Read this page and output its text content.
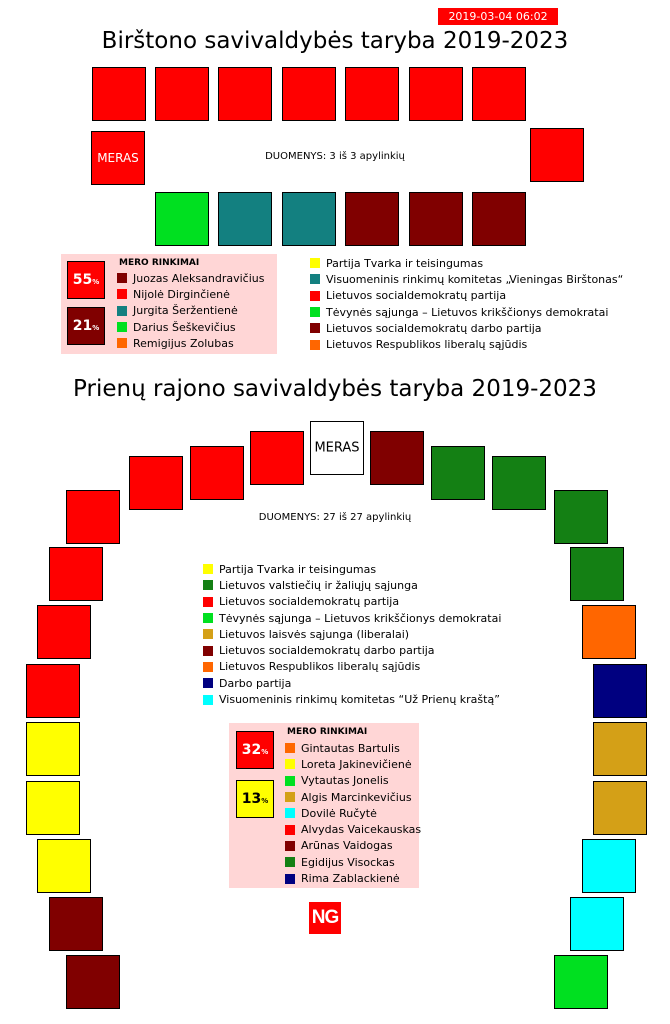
2019-03-04 06:02
Birštono savivaldybės taryba 2019-2023
MERAS	DUOMENYS: 3 iš 3 apylinkių
MERO RINKIMAI
55%
21%
Juozas Aleksandravičius
Nijolė Dirginčienė
Jurgita Šeržentienė
Darius Šeškevičius
Remigijus Zolubas
Partija Tvarka ir teisingumas
Visuomeninis rinkimų komitetas „Vieningas Birštonas“
Lietuvos socialdemokratų partija
Tėvynės sąjunga – Lietuvos krikščionys demokratai
Lietuvos socialdemokratų darbo partija
Lietuvos Respublikos liberalų sąjūdis
Prienų rajono savivaldybės taryba 2019-2023
MERAS
DUOMENYS: 27 iš 27 apylinkių
Partija Tvarka ir teisingumas
Lietuvos valstiečių ir žaliųjų sąjunga
Lietuvos socialdemokratų partija
Tėvynės sąjunga – Lietuvos krikščionys demokratai
Lietuvos laisvės sąjunga (liberalai)
Lietuvos socialdemokratų darbo partija
Lietuvos Respublikos liberalų sąjūdis
Darbo partija
Visuomeninis rinkimų komitetas “Už Prienų kraštą”
MERO RINKIMAI
32%
13%
Gintautas Bartulis
Loreta Jakinevičienė
Vytautas Jonelis
Algis Marcinkevičius
Dovilė Ručytė
Alvydas Vaicekauskas
Arūnas Vaidogas
Egidijus Visockas
Rima Zablackienė
NG
